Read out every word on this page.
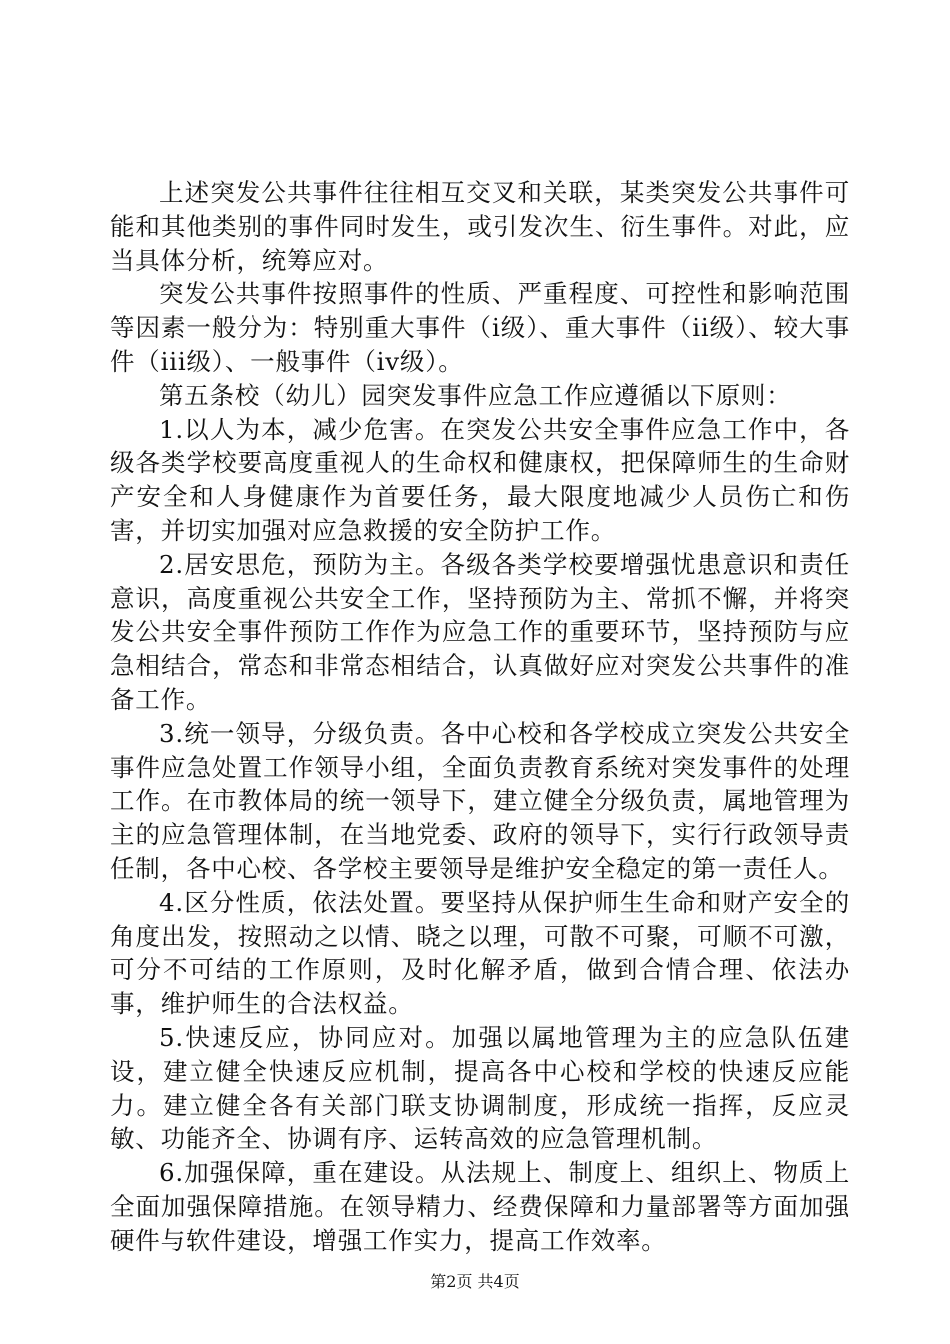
上述突发公共事件往往相互交叉和关联，某类突发公共事件可能和其他类别的事件同时发生，或引发次生、衍生事件。对此，应当具体分析，统筹应对。

突发公共事件按照事件的性质、严重程度、可控性和影响范围等因素一般分为：特别重大事件（i级）、重大事件（ii级）、较大事件（iii级）、一般事件（iv级）。

第五条校（幼儿）园突发事件应急工作应遵循以下原则：

1.以人为本，减少危害。在突发公共安全事件应急工作中，各级各类学校要高度重视人的生命权和健康权，把保障师生的生命财产安全和人身健康作为首要任务，最大限度地减少人员伤亡和伤害，并切实加强对应急救援的安全防护工作。

2.居安思危，预防为主。各级各类学校要增强忧患意识和责任意识，高度重视公共安全工作，坚持预防为主、常抓不懈，并将突发公共安全事件预防工作作为应急工作的重要环节，坚持预防与应急相结合，常态和非常态相结合，认真做好应对突发公共事件的准备工作。

3.统一领导，分级负责。各中心校和各学校成立突发公共安全事件应急处置工作领导小组，全面负责教育系统对突发事件的处理工作。在市教体局的统一领导下，建立健全分级负责，属地管理为主的应急管理体制，在当地党委、政府的领导下，实行行政领导责任制，各中心校、各学校主要领导是维护安全稳定的第一责任人。

4.区分性质，依法处置。要坚持从保护师生生命和财产安全的角度出发，按照动之以情、晓之以理，可散不可聚，可顺不可激，可分不可结的工作原则，及时化解矛盾，做到合情合理、依法办事，维护师生的合法权益。

5.快速反应，协同应对。加强以属地管理为主的应急队伍建设，建立健全快速反应机制，提高各中心校和学校的快速反应能力。建立健全各有关部门联支协调制度，形成统一指挥，反应灵敏、功能齐全、协调有序、运转高效的应急管理机制。

6.加强保障，重在建设。从法规上、制度上、组织上、物质上全面加强保障措施。在领导精力、经费保障和力量部署等方面加强硬件与软件建设，增强工作实力，提高工作效率。

第2页 共4页
